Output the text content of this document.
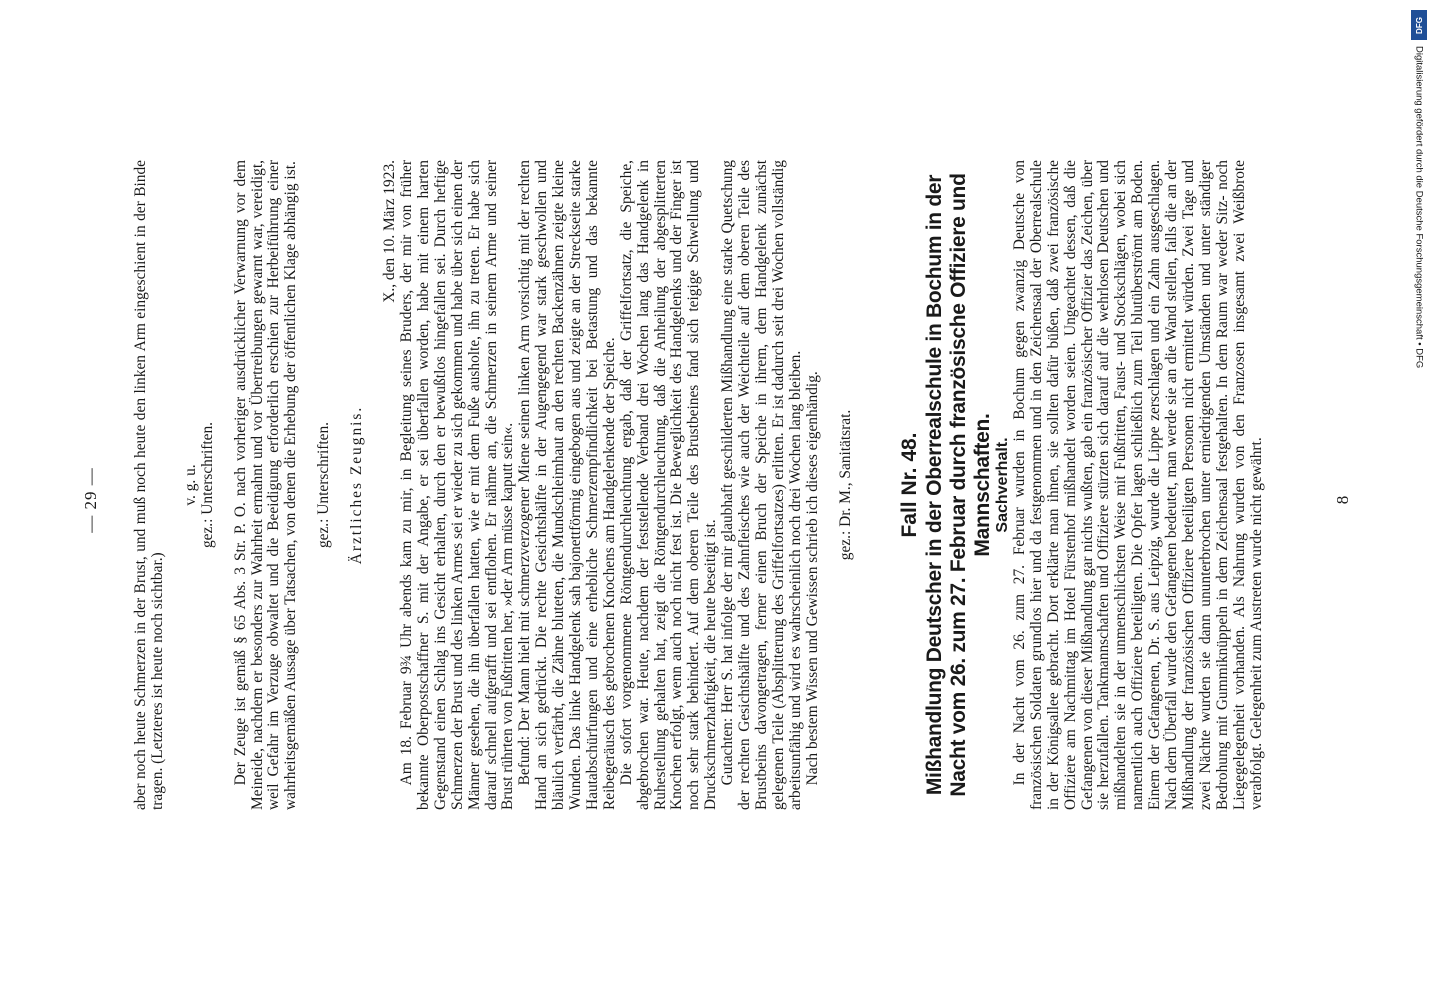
DFG
Digitalisierung gefördert durch die Deutsche Forschungsgemeinschaft • DFG
— 29 — aber noch heute Schmerzen in der Brust, und muß noch heute den linken Arm eingeschient in der Binde tragen. (Letzteres ist heute noch sichtbar.)

v. g. u. gez.: Unterschriften. Der Zeuge ist gemäß § 65 Abs. 3 Str. P. O. nach vorheriger ausdrücklicher Verwarnung vor dem Meineide, nachdem er besonders zur Wahrheit ermahnt und vor Übertreibungen gewarnt war, vereidigt, weil Gefahr im Verzuge obwaltet und die Beeidigung erforderlich erschien zur Herbeiführung einer wahrheitsgemäßen Aussage über Tatsachen, von denen die Erhebung der öffentlichen Klage abhängig ist. gez.: Unterschriften. Ärztliches Zeugnis.

X., den 10. März 1923. Am 18. Februar 9¾ Uhr abends kam zu mir, in Begleitung seines Bruders, der mir von früher bekannte Oberpostschaffner S. mit der Angabe, er sei überfallen worden, habe mit einem harten Gegenstand einen Schlag ins Gesicht erhalten, durch den er bewußtlos hingefallen sei. Durch heftige Schmerzen der Brust und des linken Armes sei er wieder zu sich gekommen und habe über sich einen der Männer gesehen, die ihn überfallen hatten, wie er mit dem Fuße ausholte, ihn zu treten. Er habe sich darauf schnell aufgerafft und sei entflohen. Er nähme an, die Schmerzen in seinem Arme und seiner Brust rührten von Fußtritten her, »der Arm müsse kaputt sein«. Befund: Der Mann hielt mit schmerzverzogener Miene seinen linken Arm vorsichtig mit der rechten Hand an sich gedrückt. Die rechte Gesichtshälfte in der Augengegend war stark geschwollen und bläulich verfärbt, die Zähne bluteten, die Mundschleimhaut an den rechten Backenzähnen zeigte kleine Wunden. Das linke Handgelenk sah bajonettförmig eingebogen aus und zeigte an der Streckseite starke Hautabschürfungen und eine erhebliche Schmerzempfindlichkeit bei Betastung und das bekannte Reibegeräusch des gebrochenen Knochens am Handgelenkende der Speiche. Die sofort vorgenommene Röntgendurchleuchtung ergab, daß der Griffelfortsatz, die Speiche, abgebrochen war. Heute, nachdem der feststellende Verband drei Wochen lang das Handgelenk in Ruhestellung gehalten hat, zeigt die Röntgendurchleuchtung, daß die Anheilung der abgesplitterten Knochen erfolgt, wenn auch noch nicht fest ist. Die Beweglichkeit des Handgelenks und der Finger ist noch sehr stark behindert. Auf dem oberen Teile des Brustbeines fand sich teigige Schwellung und Druckschmerzhaftigkeit, die heute beseitigt ist. Gutachten: Herr S. hat infolge der mir glaubhaft geschilderten Mißhandlung eine starke Quetschung der rechten Gesichtshälfte und des Zahnfleisches wie auch der Weichteile auf dem oberen Teile des Brustbeins davongetragen, ferner einen Bruch der Speiche in ihrem, dem Handgelenk zunächst gelegenen Teile (Absplitterung des Griffelfortsatzes) erlitten. Er ist dadurch seit drei Wochen vollständig arbeitsunfähig und wird es wahrscheinlich noch drei Wochen lang bleiben. Nach bestem Wissen und Gewissen schrieb ich dieses eigenhändig. gez.: Dr. M., Sanitätsrat. Fall Nr. 48. Mißhandlung Deutscher in der Oberrealschule in Bochum in der Nacht vom 26. zum 27. Februar durch französische Offiziere und Mannschaften. Sachverhalt. In der Nacht vom 26. zum 27. Februar wurden in Bochum gegen zwanzig Deutsche von französischen Soldaten grundlos hier und da festgenommen und in den Zeichensaal der Oberrealschule in der Königsallee gebracht. Dort erklärte man ihnen, sie sollten dafür büßen, daß zwei französische Offiziere am Nachmittag im Hotel Fürstenhof mißhandelt worden seien. Ungeachtet dessen, daß die Gefangenen von dieser Mißhandlung gar nichts wußten, gab ein französischer Offizier das Zeichen, über sie herzufallen. Tankmannschaften und Offiziere stürzten sich darauf auf die wehrlosen Deutschen und mißhandelten sie in der unmenschlichsten Weise mit Fußtritten, Faust- und Stockschlägen, wobei sich namentlich auch Offiziere beteiligten. Die Opfer lagen schließlich zum Teil blutüberströmt am Boden. Einem der Gefangenen, Dr. S. aus Leipzig, wurde die Lippe zerschlagen und ein Zahn ausgeschlagen. Nach dem Überfall wurde den Gefangenen bedeutet, man werde sie an die Wand stellen, falls die an der Mißhandlung der französischen Offiziere beteiligten Personen nicht ermittelt würden. Zwei Tage und zwei Nächte wurden sie dann ununterbrochen unter erniedrigenden Umständen und unter ständiger Bedrohung mit Gummiknüppeln in dem Zeichensaal festgehalten. In dem Raum war weder Sitz- noch Liegegelegenheit vorhanden. Als Nahrung wurden von den Franzosen insgesamt zwei Weißbrote verabfolgt. Gelegenheit zum Austreten wurde nicht gewährt.	8
